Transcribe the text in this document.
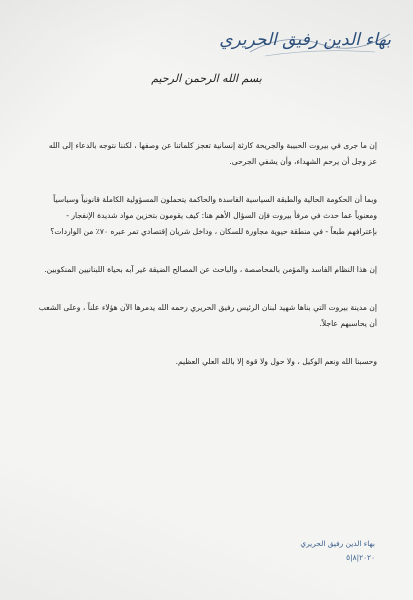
بهاء الدين رفيق الحريري
بسم الله الرحمن الرحيم

إن ما جرى في بيروت الحبيبة والجريحة كارثة إنسانية تعجز كلماتنا عن وصفها ، لكننا نتوجه بالدعاء إلى الله عز وجل أن يرحم الشهداء، وأن يشفي الجرحى.

وبما أن الحكومة الحالية والطبقة السياسية الفاسدة والحاكمة يتحملون المسؤولية الكاملة قانونياً وسياسياً ومعنوياً عما حدث في مرفأ بيروت فإن السؤال الأهم هنا: كيف يقومون بتخزين مواد شديدة الإنفجار - بإعترافهم طبعاً - في منطقة حيوية مجاورة للسكان ، وداخل شريان إقتصادي تمر عبره ٧٠٪ من الواردات؟

إن هذا النظام الفاسد والمؤمن بالمحاصصة ، والباحث عن المصالح الضيقة غير آبه بحياة اللبنانيين المنكوبين.

إن مدينة بيروت التي بناها شهيد لبنان الرئيس رفيق الحريري رحمه الله يدمرها الآن هؤلاء علناً ، وعلى الشعب أن يحاسبهم عاجلاً.

وحسبنا الله ونعم الوكيل ، ولا حول ولا قوة إلا بالله العلي العظيم.

بهاء الدين رفيق الحريري
٢٠٢٠|٨|٥
